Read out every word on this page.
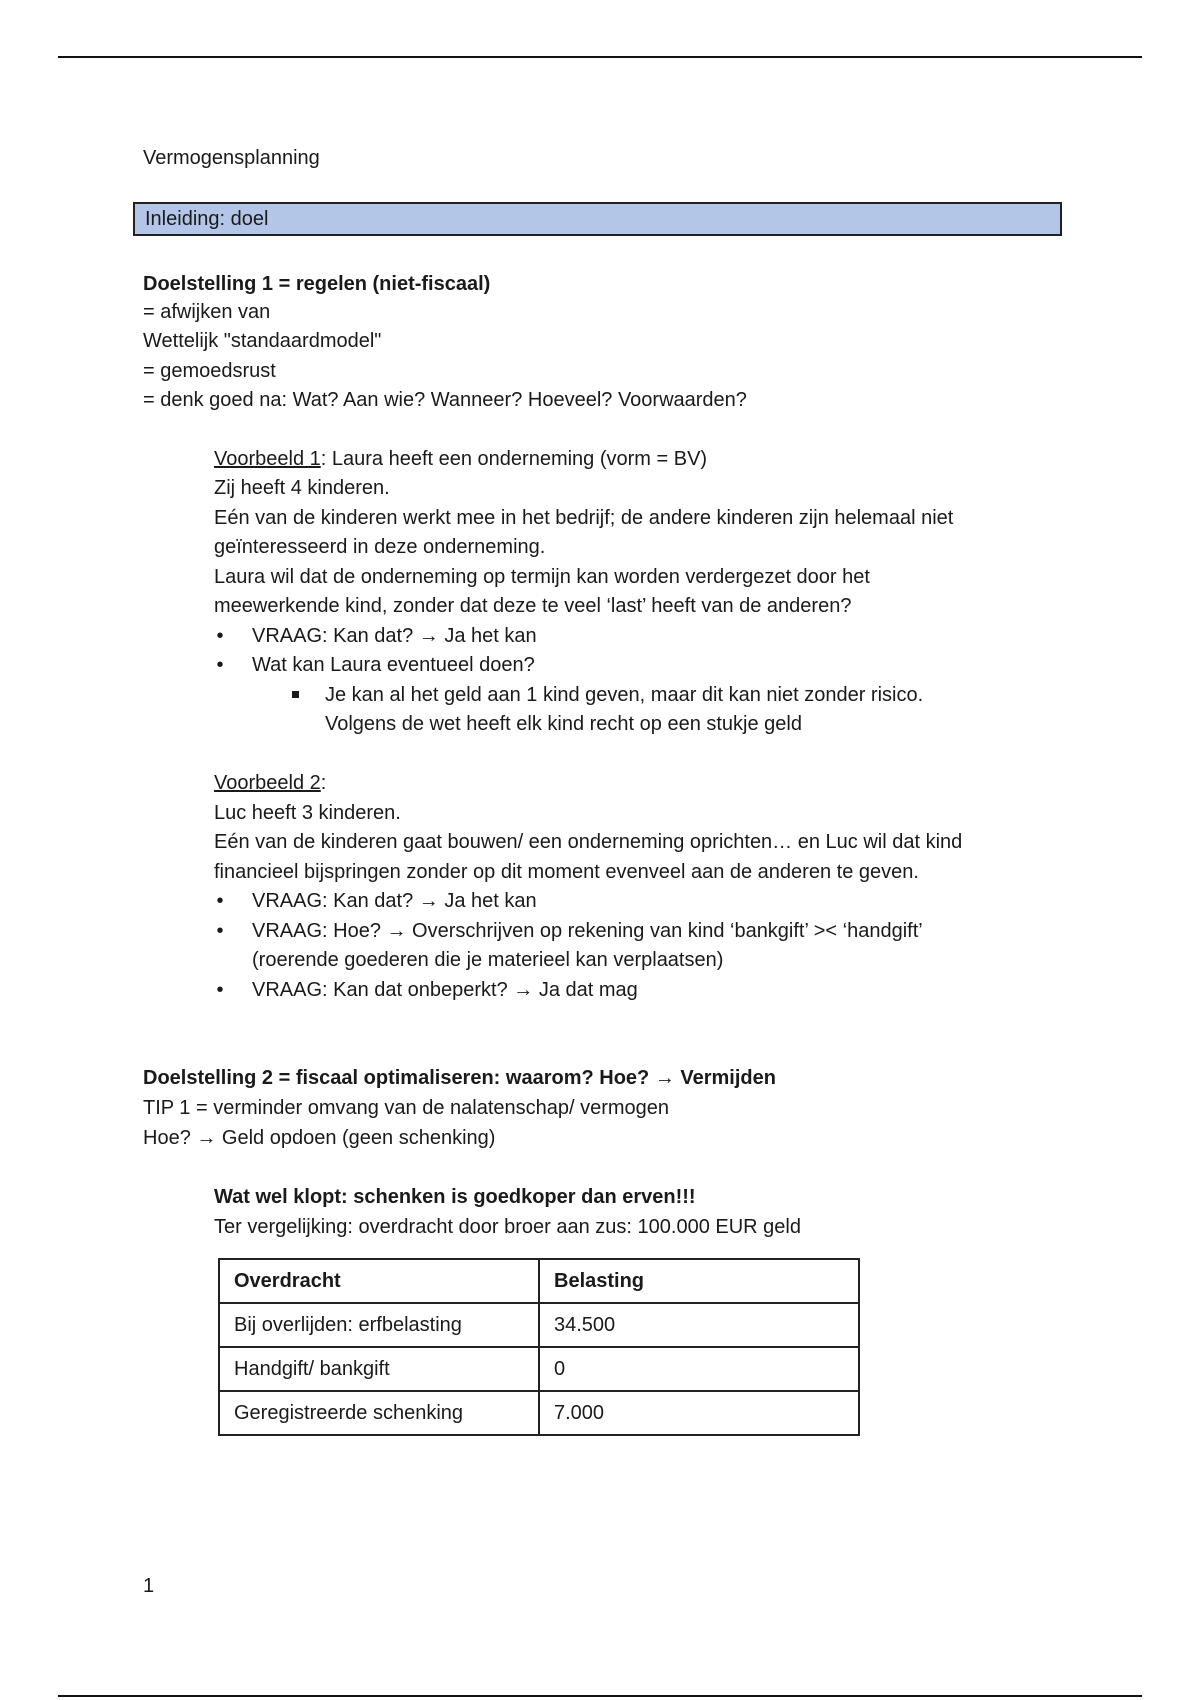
Vermogensplanning
Inleiding: doel
Doelstelling 1 = regelen (niet-fiscaal)
= afwijken van
Wettelijk "standaardmodel"
= gemoedsrust
= denk goed na: Wat? Aan wie? Wanneer? Hoeveel? Voorwaarden?
Voorbeeld 1: Laura heeft een onderneming (vorm = BV)
Zij heeft 4 kinderen.
Eén van de kinderen werkt mee in het bedrijf; de andere kinderen zijn helemaal niet
geïnteresseerd in deze onderneming.
Laura wil dat de onderneming op termijn kan worden verdergezet door het
meewerkende kind, zonder dat deze te veel ‘last’ heeft van de anderen?
•	VRAAG: Kan dat? → Ja het kan
•	Wat kan Laura eventueel doen?
Je kan al het geld aan 1 kind geven, maar dit kan niet zonder risico.
Volgens de wet heeft elk kind recht op een stukje geld
Voorbeeld 2:
Luc heeft 3 kinderen.
Eén van de kinderen gaat bouwen/ een onderneming oprichten… en Luc wil dat kind
financieel bijspringen zonder op dit moment evenveel aan de anderen te geven.
•	VRAAG: Kan dat? → Ja het kan
•	VRAAG: Hoe? → Overschrijven op rekening van kind ‘bankgift’ >< ‘handgift’
(roerende goederen die je materieel kan verplaatsen)
•	VRAAG: Kan dat onbeperkt? → Ja dat mag
Doelstelling 2 = fiscaal optimaliseren: waarom? Hoe? → Vermijden
TIP 1 = verminder omvang van de nalatenschap/ vermogen
Hoe? → Geld opdoen (geen schenking)
Wat wel klopt: schenken is goedkoper dan erven!!!
Ter vergelijking: overdracht door broer aan zus: 100.000 EUR geld
Overdracht	Belasting
Bij overlijden: erfbelasting	34.500
Handgift/ bankgift	0
Geregistreerde schenking	7.000
1
